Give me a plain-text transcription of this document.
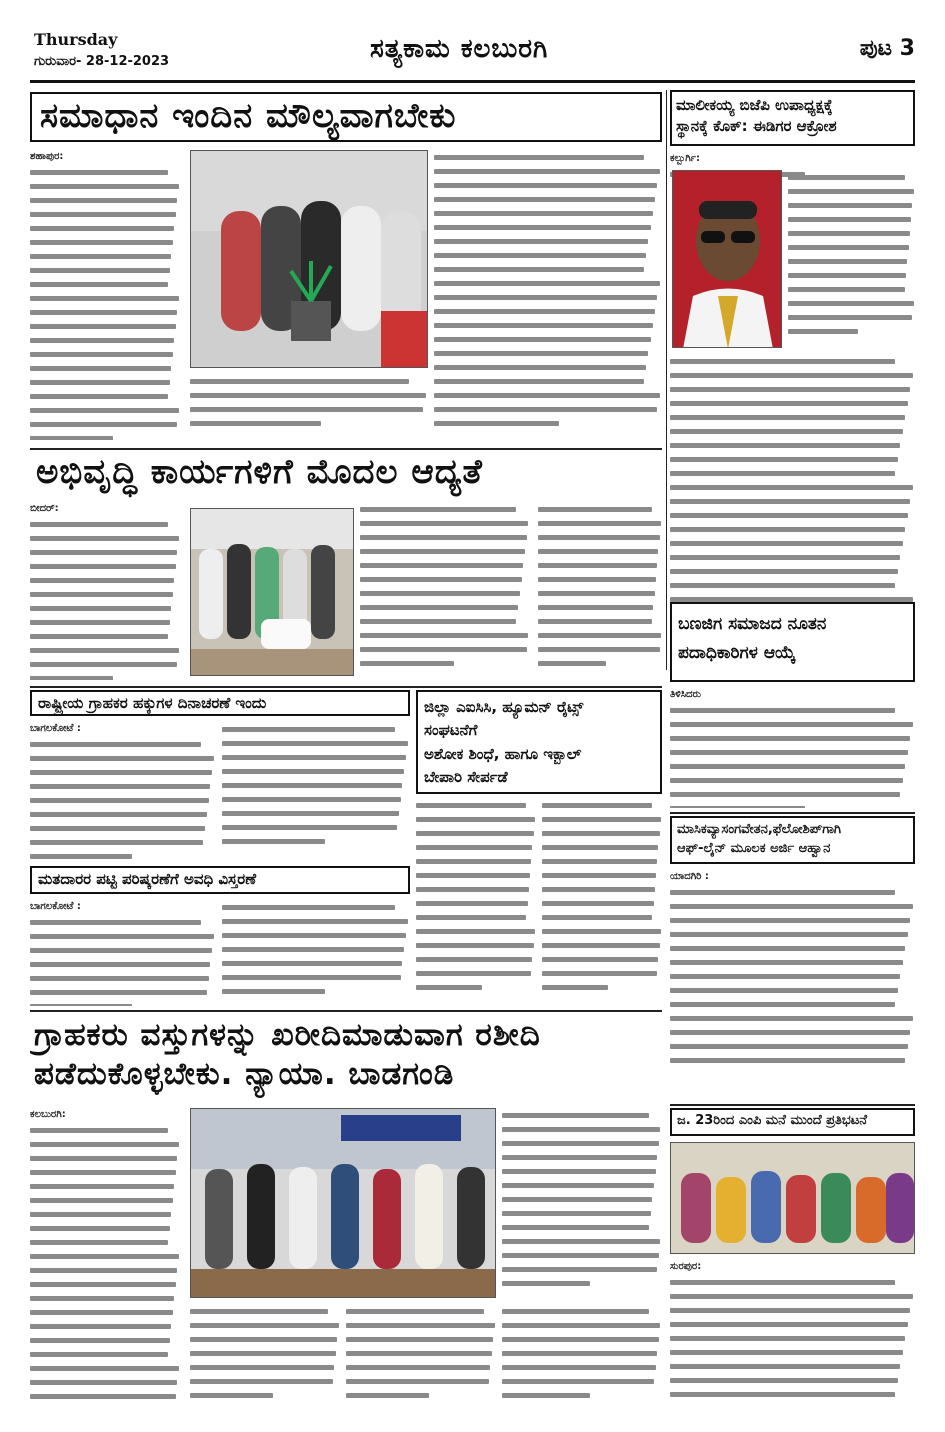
Thursday
ಗುರುವಾರ- 28-12-2023	ಸತ್ಯಕಾಮ ಕಲಬುರಗಿ	ಪುಟ 3
ಸಮಾಧಾನ ಇಂದಿನ ಮೌಲ್ಯವಾಗಬೇಕು
ಶಹಾಪುರ:
ಮಾಲೀಕಯ್ಯ ಬಿಜೆಪಿ ಉಪಾಧ್ಯಕ್ಷಕ್ಕೆ
ಸ್ಥಾನಕ್ಕೆ ಕೊಕ್: ಈಡಿಗರ ಆಕ್ರೋಶ
ಕಲ್ಬುರ್ಗಿ:
ಅಭಿವೃದ್ಧಿ ಕಾರ್ಯಗಳಿಗೆ ಮೊದಲ ಆದ್ಯತೆ
ಬೀದರ್:
ಬಣಜಿಗ ಸಮಾಜದ ನೂತನ
ಪದಾಧಿಕಾರಿಗಳ ಆಯ್ಕೆ
ತಿಳಿಸಿದರು
ರಾಷ್ಟ್ರೀಯ ಗ್ರಾಹಕರ ಹಕ್ಕುಗಳ ದಿನಾಚರಣೆ ಇಂದು
ಬಾಗಲಕೋಟೆ :
ಜಿಲ್ಲಾ ಎಐಸಿಸಿ, ಹ್ಯೂಮನ್ ರೈಟ್ಸ್
ಸಂಘಟನೆಗೆ
ಅಶೋಕ ಶಿಂಧೆ, ಹಾಗೂ ಇಕ್ಬಾಲ್
ಬೇಪಾರಿ ಸೇರ್ಪಡೆ
ಮಾಸಿಕವ್ಯಾಸಂಗವೇತನ,ಫೆಲೋಶಿಪ್‌ಗಾಗಿ
ಆಫ್-ಲೈನ್ ಮೂಲಕ ಅರ್ಜಿ ಆಹ್ವಾನ
ಯಾದಗಿರಿ :
ಮತದಾರರ ಪಟ್ಟಿ ಪರಿಷ್ಕರಣೆಗೆ ಅವಧಿ ವಿಸ್ತರಣೆ
ಬಾಗಲಕೋಟೆ :
ಗ್ರಾಹಕರು ವಸ್ತುಗಳನ್ನು ಖರೀದಿಮಾಡುವಾಗ ರಶೀದಿ
ಪಡೆದುಕೊಳ್ಳಬೇಕು. ನ್ಯಾಯಾ. ಬಾಡಗಂಡಿ
ಕಲಬುರಗಿ:	ಜ. 23ರಿಂದ ಎಂಪಿ ಮನೆ ಮುಂದೆ ಪ್ರತಿಭಟನೆ
ಸುರಪುರ:
